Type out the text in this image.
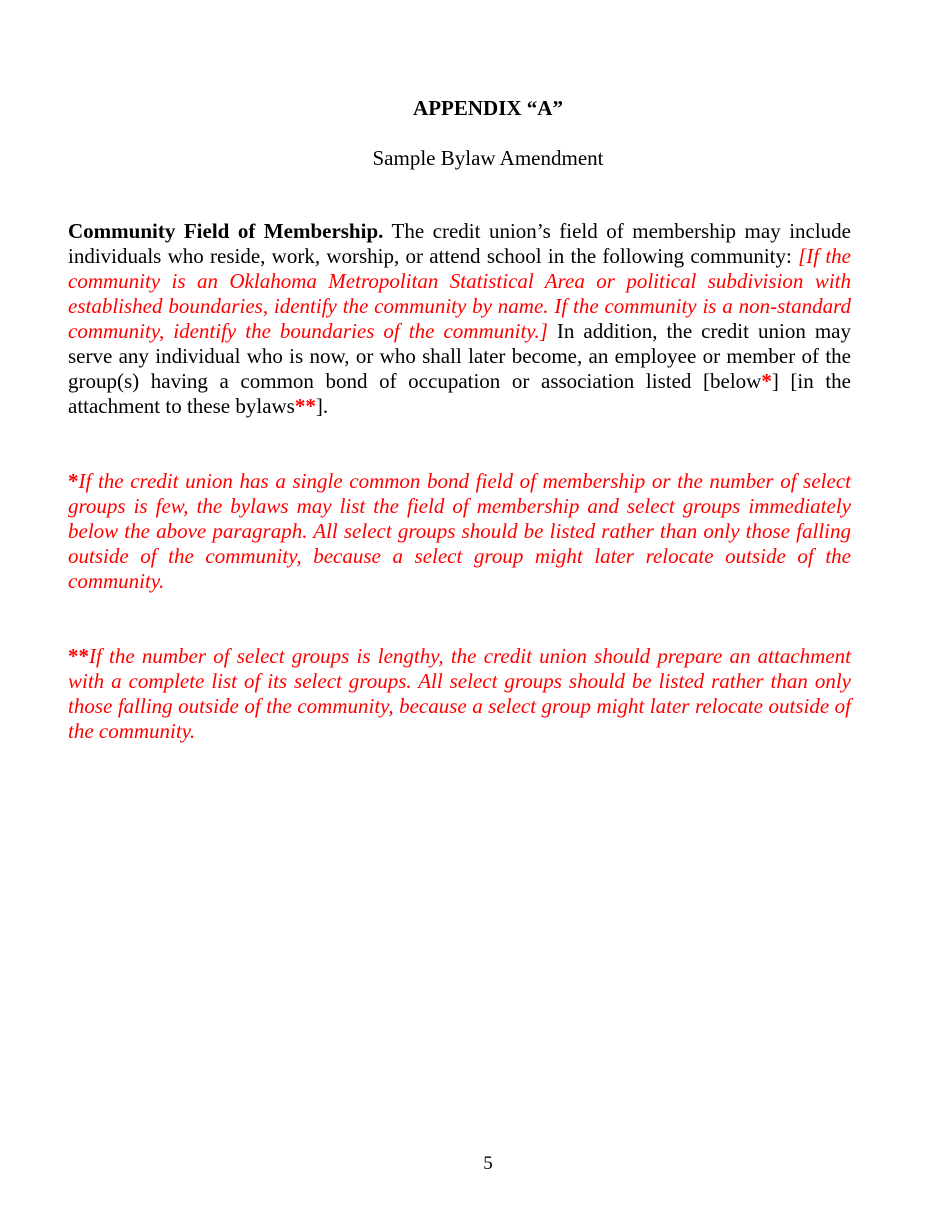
APPENDIX “A”
Sample Bylaw Amendment
Community Field of Membership. The credit union’s field of membership may include individuals who reside, work, worship, or attend school in the following community: [If the community is an Oklahoma Metropolitan Statistical Area or political subdivision with established boundaries, identify the community by name. If the community is a non-standard community, identify the boundaries of the community.] In addition, the credit union may serve any individual who is now, or who shall later become, an employee or member of the group(s) having a common bond of occupation or association listed [below*] [in the attachment to these bylaws**].
*If the credit union has a single common bond field of membership or the number of select groups is few, the bylaws may list the field of membership and select groups immediately below the above paragraph. All select groups should be listed rather than only those falling outside of the community, because a select group might later relocate outside of the community.
**If the number of select groups is lengthy, the credit union should prepare an attachment with a complete list of its select groups. All select groups should be listed rather than only those falling outside of the community, because a select group might later relocate outside of the community.
5
